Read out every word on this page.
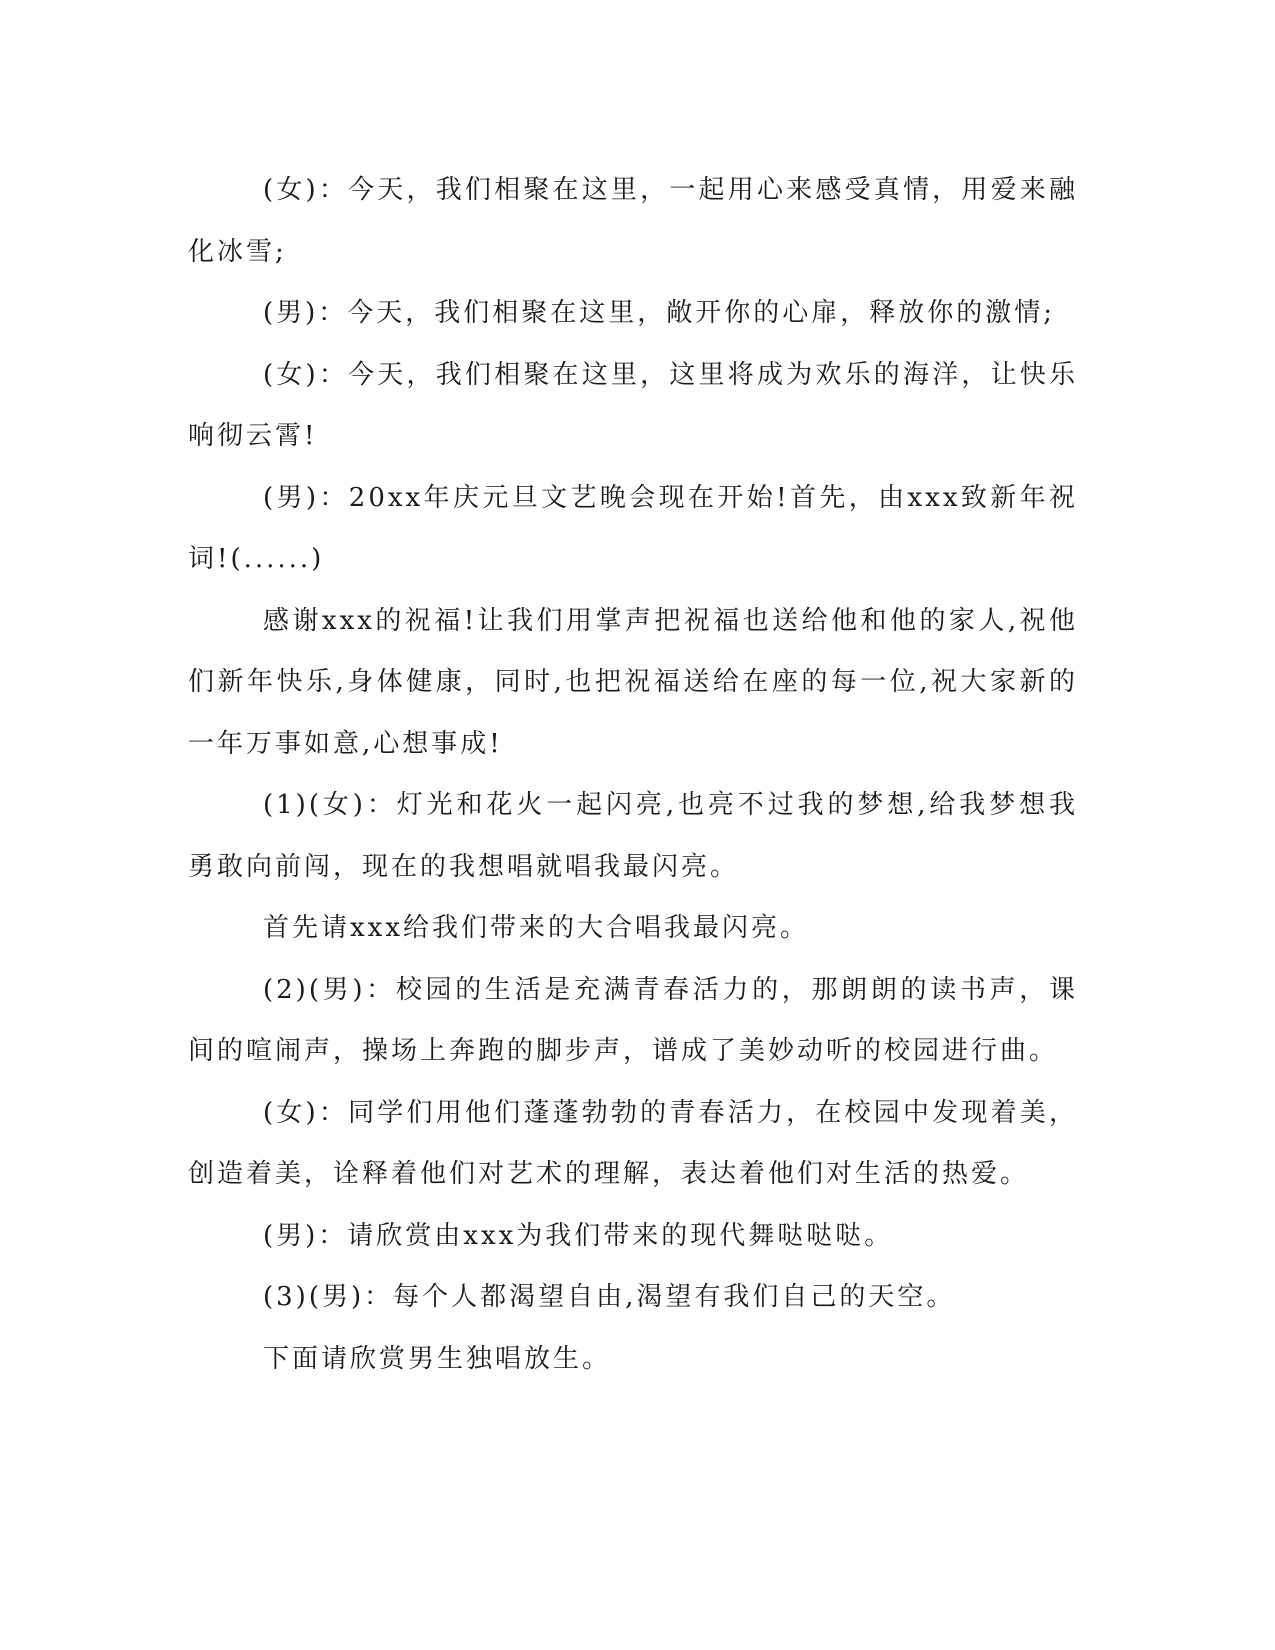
(女)：今天，我们相聚在这里，一起用心来感受真情，用爱来融化冰雪;

(男)：今天，我们相聚在这里，敞开你的心扉，释放你的激情;

(女)：今天，我们相聚在这里，这里将成为欢乐的海洋，让快乐响彻云霄!

(男)：20xx年庆元旦文艺晚会现在开始!首先，由xxx致新年祝词!(......)

感谢xxx的祝福!让我们用掌声把祝福也送给他和他的家人,祝他们新年快乐,身体健康，同时,也把祝福送给在座的每一位,祝大家新的一年万事如意,心想事成!

(1)(女)：灯光和花火一起闪亮,也亮不过我的梦想,给我梦想我勇敢向前闯，现在的我想唱就唱我最闪亮。

首先请xxx给我们带来的大合唱我最闪亮。

(2)(男)：校园的生活是充满青春活力的，那朗朗的读书声，课间的喧闹声，操场上奔跑的脚步声，谱成了美妙动听的校园进行曲。

(女)：同学们用他们蓬蓬勃勃的青春活力，在校园中发现着美，创造着美，诠释着他们对艺术的理解，表达着他们对生活的热爱。

(男)：请欣赏由xxx为我们带来的现代舞哒哒哒。

(3)(男)：每个人都渴望自由,渴望有我们自己的天空。

下面请欣赏男生独唱放生。
